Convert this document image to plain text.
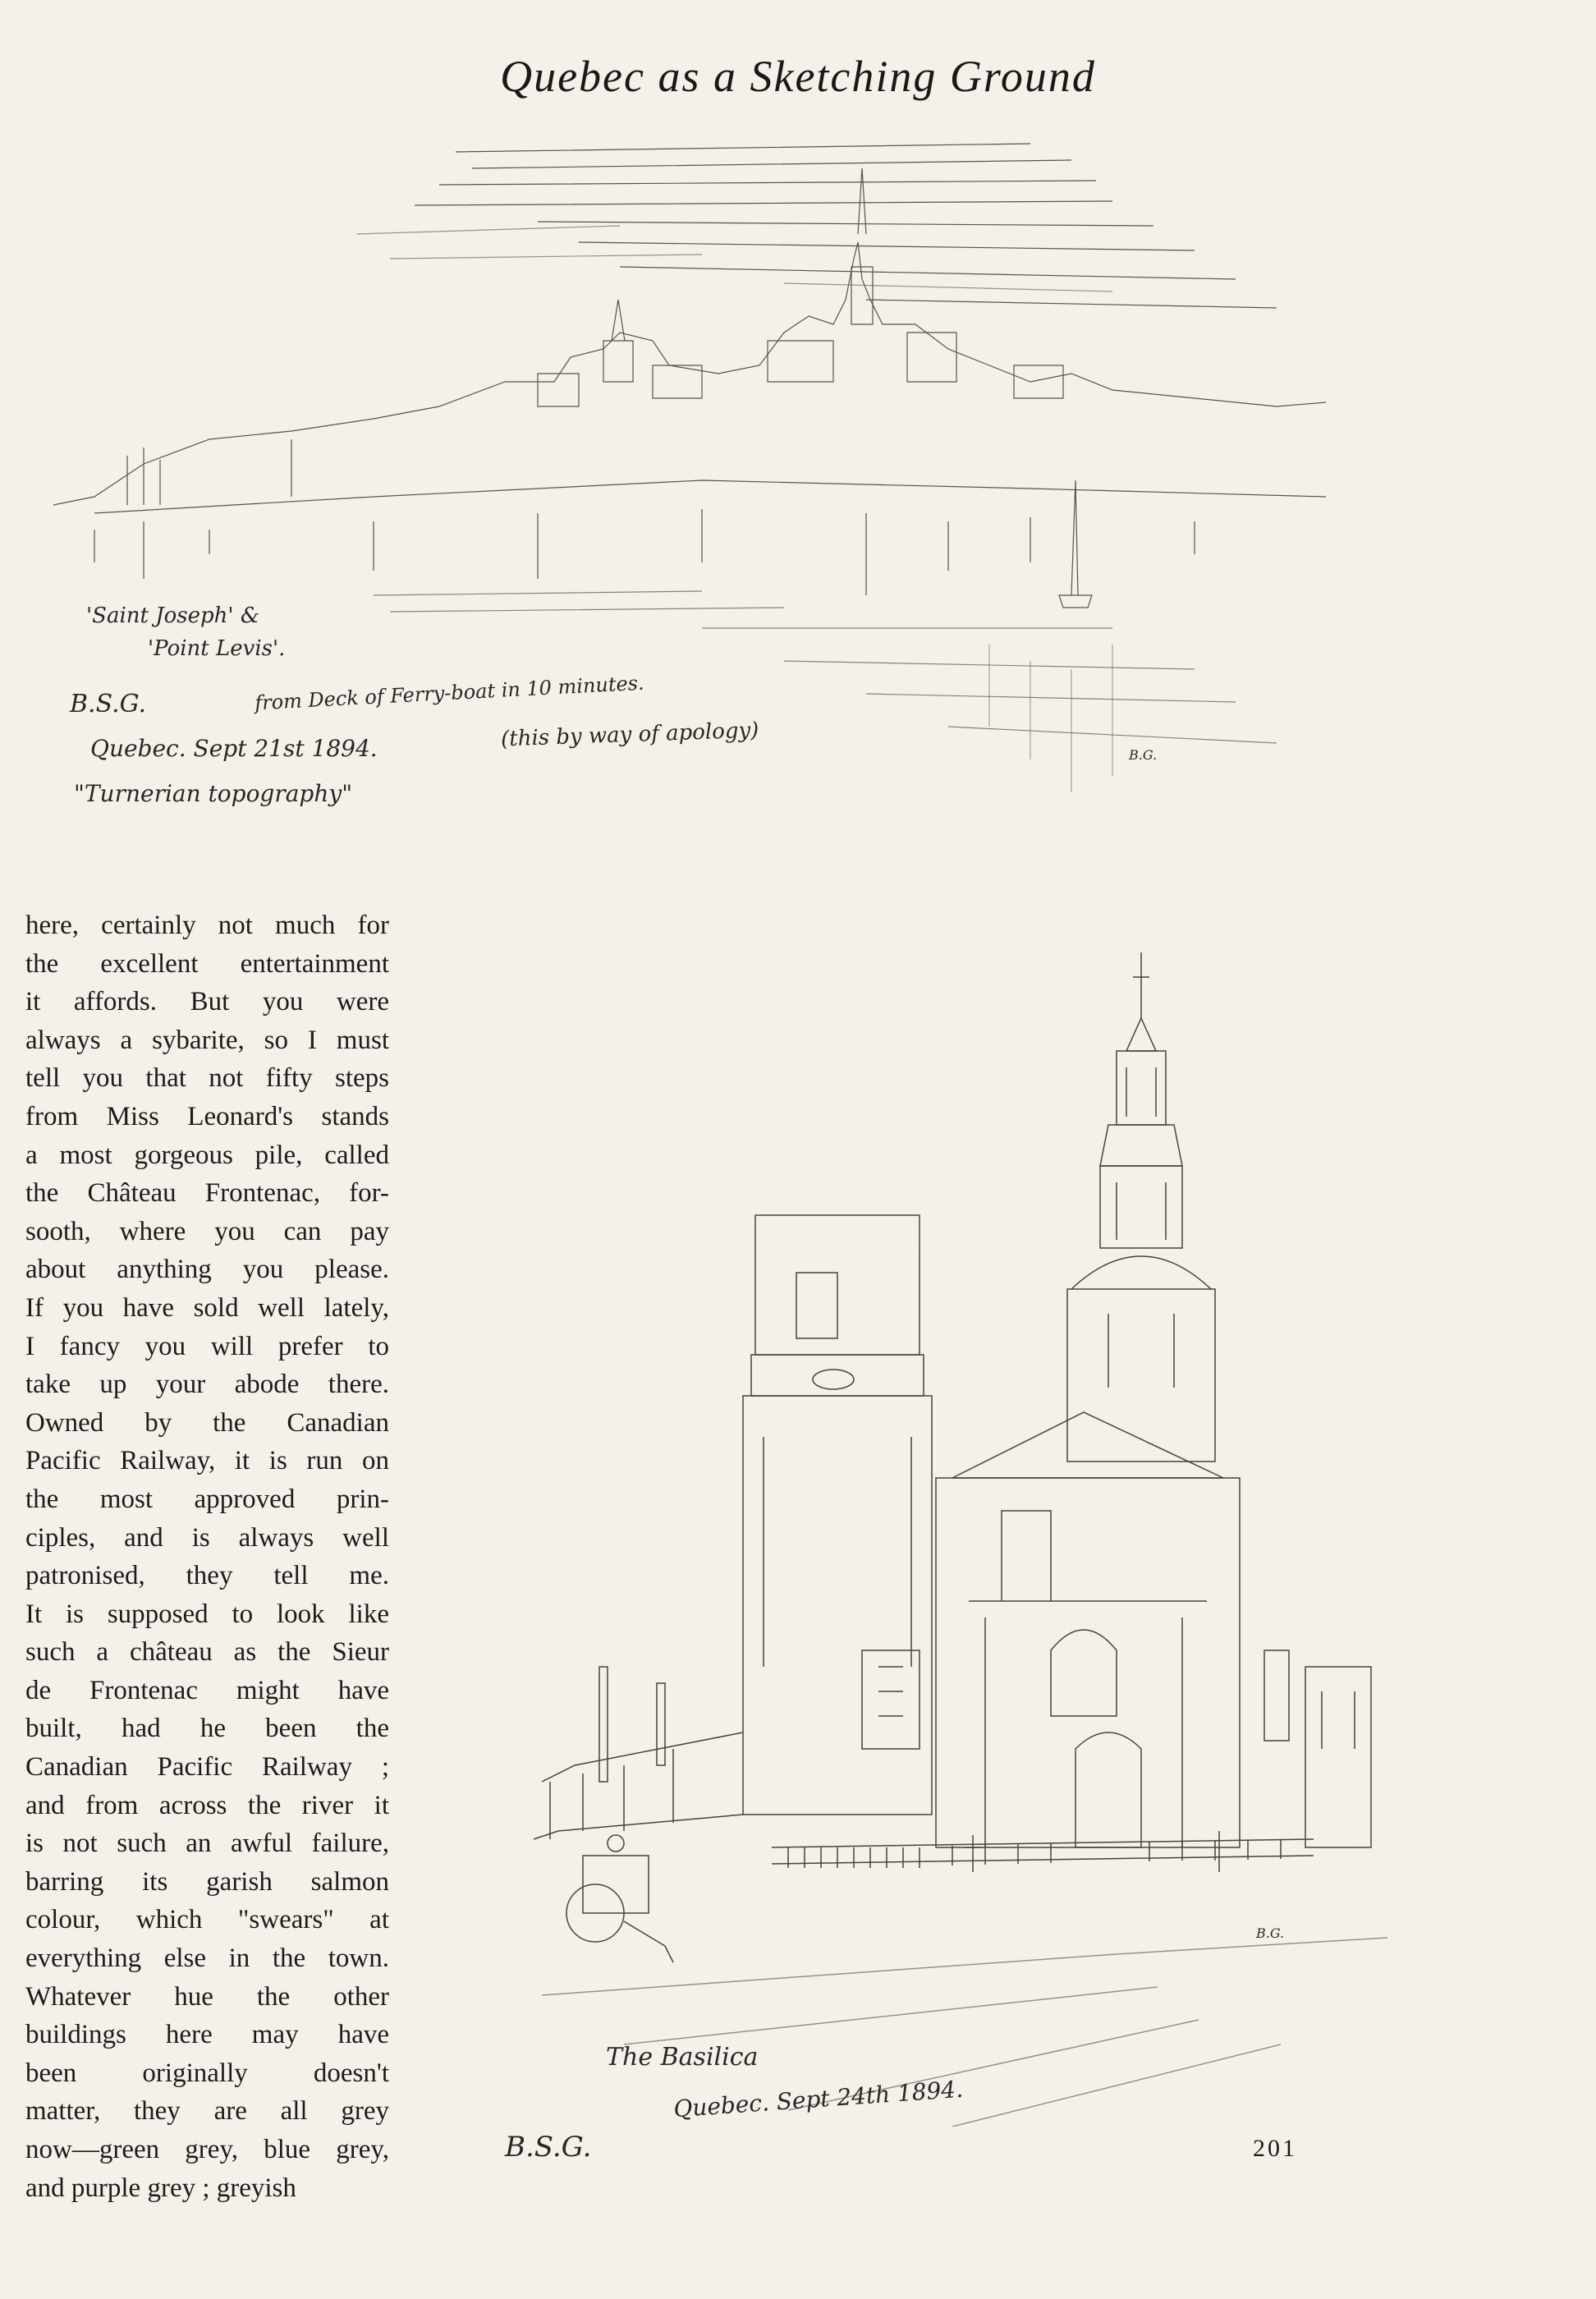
Quebec as a Sketching Ground
'Saint Joseph' &
'Point Levis'.
B.S.G.	from Deck of Ferry-boat in 10 minutes.
Quebec. Sept 21st 1894.	(this by way of apology)
"Turnerian topography"
B.G.
The Basilica
Quebec. Sept 24th 1894.
B.S.G.
B.G.
here, certainly not much for
the excellent entertainment
it affords. But you were
always a sybarite, so I must
tell you that not fifty steps
from Miss Leonard's stands
a most gorgeous pile, called
the Château Frontenac, for-
sooth, where you can pay
about anything you please.
If you have sold well lately,
I fancy you will prefer to
take up your abode there.
Owned by the Canadian
Pacific Railway, it is run on
the most approved prin-
ciples, and is always well
patronised, they tell me.
It is supposed to look like
such a château as the Sieur
de Frontenac might have
built, had he been the
Canadian Pacific Railway ;
and from across the river it
is not such an awful failure,
barring its garish salmon
colour, which "swears" at
everything else in the town.
Whatever hue the other
buildings here may have
been originally doesn't
matter, they are all grey
now—green grey, blue grey,
and purple grey ; greyish
201
